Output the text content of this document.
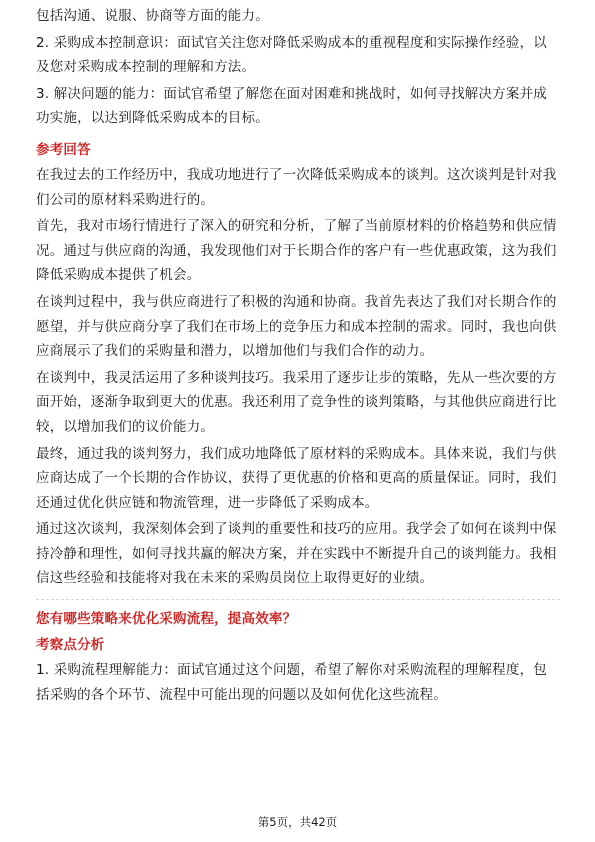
包括沟通、说服、协商等方面的能力。

2. 采购成本控制意识：面试官关注您对降低采购成本的重视程度和实际操作经验，以及您对采购成本控制的理解和方法。

3. 解决问题的能力：面试官希望了解您在面对困难和挑战时，如何寻找解决方案并成功实施，以达到降低采购成本的目标。

参考回答

在我过去的工作经历中，我成功地进行了一次降低采购成本的谈判。这次谈判是针对我们公司的原材料采购进行的。

首先，我对市场行情进行了深入的研究和分析，了解了当前原材料的价格趋势和供应情况。通过与供应商的沟通，我发现他们对于长期合作的客户有一些优惠政策，这为我们降低采购成本提供了机会。

在谈判过程中，我与供应商进行了积极的沟通和协商。我首先表达了我们对长期合作的愿望，并与供应商分享了我们在市场上的竞争压力和成本控制的需求。同时，我也向供应商展示了我们的采购量和潜力，以增加他们与我们合作的动力。

在谈判中，我灵活运用了多种谈判技巧。我采用了逐步让步的策略，先从一些次要的方面开始，逐渐争取到更大的优惠。我还利用了竞争性的谈判策略，与其他供应商进行比较，以增加我们的议价能力。

最终，通过我的谈判努力，我们成功地降低了原材料的采购成本。具体来说，我们与供应商达成了一个长期的合作协议，获得了更优惠的价格和更高的质量保证。同时，我们还通过优化供应链和物流管理，进一步降低了采购成本。

通过这次谈判，我深刻体会到了谈判的重要性和技巧的应用。我学会了如何在谈判中保持冷静和理性，如何寻找共赢的解决方案，并在实践中不断提升自己的谈判能力。我相信这些经验和技能将对我在未来的采购员岗位上取得更好的业绩。

您有哪些策略来优化采购流程，提高效率？

考察点分析

1. 采购流程理解能力：面试官通过这个问题，希望了解你对采购流程的理解程度，包括采购的各个环节、流程中可能出现的问题以及如何优化这些流程。

第5页，共42页
